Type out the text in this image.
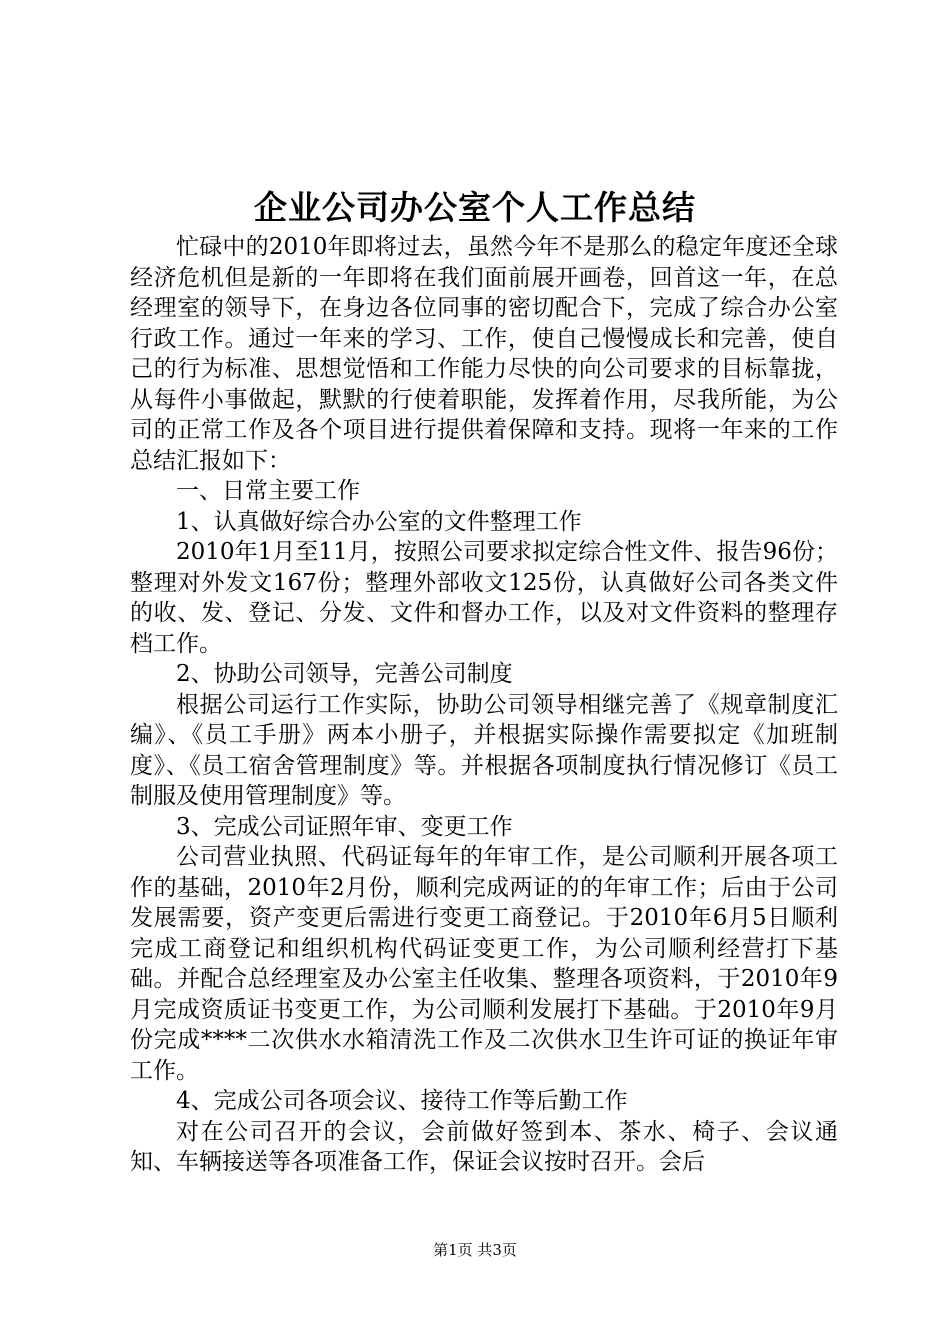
企业公司办公室个人工作总结

忙碌中的2010年即将过去，虽然今年不是那么的稳定年度还全球经济危机但是新的一年即将在我们面前展开画卷，回首这一年，在总经理室的领导下，在身边各位同事的密切配合下，完成了综合办公室行政工作。通过一年来的学习、工作，使自己慢慢成长和完善，使自己的行为标准、思想觉悟和工作能力尽快的向公司要求的目标靠拢，从每件小事做起，默默的行使着职能，发挥着作用，尽我所能，为公司的正常工作及各个项目进行提供着保障和支持。现将一年来的工作总结汇报如下：

一、日常主要工作

1、认真做好综合办公室的文件整理工作

2010年1月至11月，按照公司要求拟定综合性文件、报告96份；整理对外发文167份；整理外部收文125份，认真做好公司各类文件的收、发、登记、分发、文件和督办工作，以及对文件资料的整理存档工作。

2、协助公司领导，完善公司制度

根据公司运行工作实际，协助公司领导相继完善了《规章制度汇编》、《员工手册》两本小册子，并根据实际操作需要拟定《加班制度》、《员工宿舍管理制度》等。并根据各项制度执行情况修订《员工制服及使用管理制度》等。

3、完成公司证照年审、变更工作

公司营业执照、代码证每年的年审工作，是公司顺利开展各项工作的基础，2010年2月份，顺利完成两证的的年审工作；后由于公司发展需要，资产变更后需进行变更工商登记。于2010年6月5日顺利完成工商登记和组织机构代码证变更工作，为公司顺利经营打下基础。并配合总经理室及办公室主任收集、整理各项资料，于2010年9月完成资质证书变更工作，为公司顺利发展打下基础。于2010年9月份完成****二次供水水箱清洗工作及二次供水卫生许可证的换证年审工作。

4、完成公司各项会议、接待工作等后勤工作

对在公司召开的会议，会前做好签到本、茶水、椅子、会议通知、车辆接送等各项准备工作，保证会议按时召开。会后

第1页 共3页
